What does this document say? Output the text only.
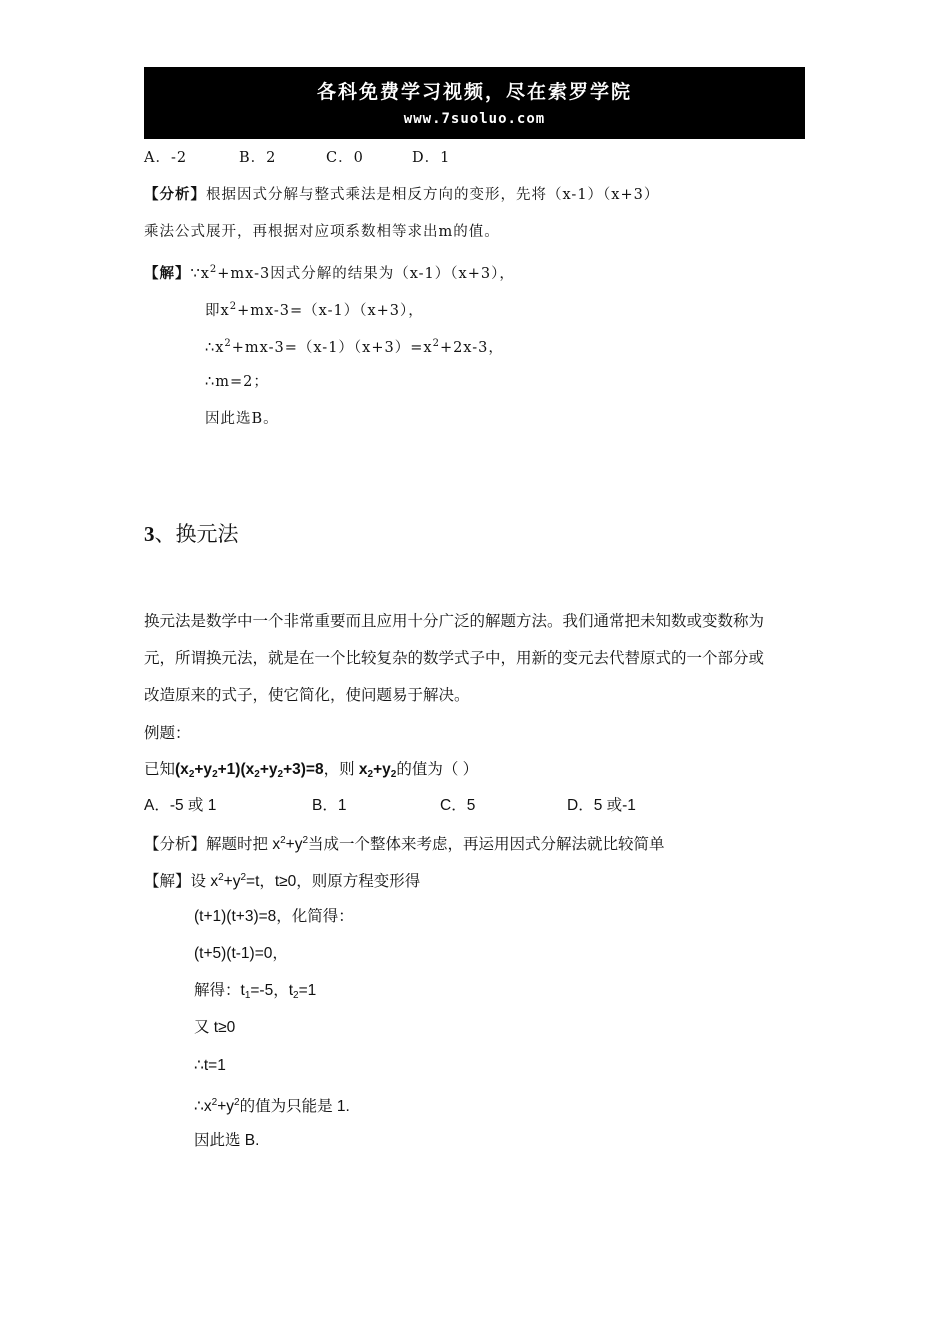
各科免费学习视频，尽在索罗学院
www.7suoluo.com
A．-2	B．2	C．0	D．1
【分析】根据因式分解与整式乘法是相反方向的变形，先将（x-1）（x+3）
乘法公式展开，再根据对应项系数相等求出m的值。
【解】$\because x^2+mx-3$因式分解的结果为（x-1）（x+3），
即$x^2+mx-3=(x-1)(x+3)$，
$\therefore x^2+mx-3=(x-1)(x+3)=x^2+2x-3$，
∴m=2；
因此选B。
3、换元法
换元法是数学中一个非常重要而且应用十分广泛的解题方法。我们通常把未知数或变数称为
元，所谓换元法，就是在一个比较复杂的数学式子中，用新的变元去代替原式的一个部分或
改造原来的式子，使它简化，使问题易于解决。
例题：
已知$(x_2+y_2+1)(x_2+y_2+3)=8$，则 $x_2+y_2$的值为（ ）
A．-5 或 1	B．1	C．5	D．5 或-1
【分析】解题时把 $x^2+y^2$当成一个整体来考虑，再运用因式分解法就比较简单
【解】设 $x^2+y^2=t$，t≥0，则原方程变形得
(t+1)(t+3)=8，化简得：
(t+5)(t-1)=0，
解得：$t_1=-5$，$t_2=1$
又 t≥0
∴t=1
$\therefore x^2+y^2$的值为只能是 1.
因此选 B.
